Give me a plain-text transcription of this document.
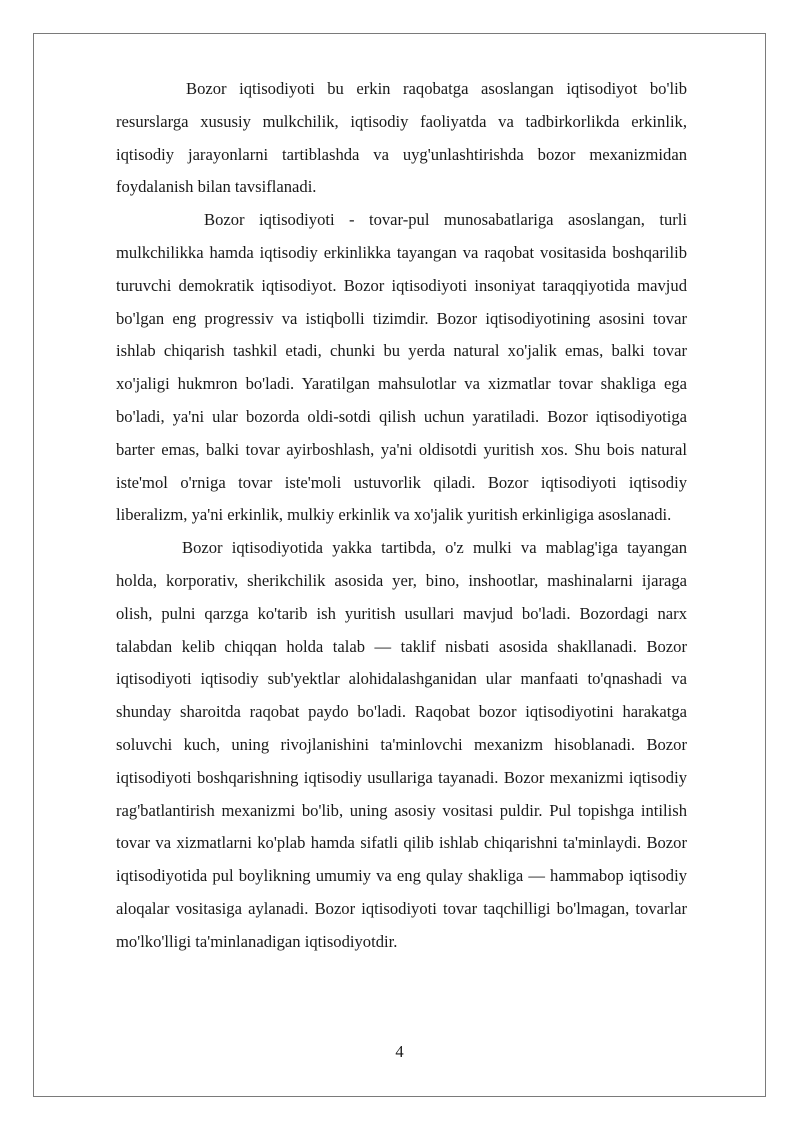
Bozor iqtisodiyoti bu erkin raqobatga asoslangan iqtisodiyot bo'lib resurslarga xususiy mulkchilik, iqtisodiy faoliyatda va tadbirkorlikda erkinlik, iqtisodiy jarayonlarni tartiblashda va uyg'unlashtirishda bozor mexanizmidan foydalanish bilan tavsiflanadi.

Bozor iqtisodiyoti - tovar-pul munosabatlariga asoslangan, turli mulkchilikka hamda iqtisodiy erkinlikka tayangan va raqobat vositasida boshqarilib turuvchi demokratik iqtisodiyot. Bozor iqtisodiyoti insoniyat taraqqiyotida mavjud bo'lgan eng progressiv va istiqbolli tizimdir. Bozor iqtisodiyotining asosini tovar ishlab chiqarish tashkil etadi, chunki bu yerda natural xo'jalik emas, balki tovar xo'jaligi hukmron bo'ladi. Yaratilgan mahsulotlar va xizmatlar tovar shakliga ega bo'ladi, ya'ni ular bozorda oldi-sotdi qilish uchun yaratiladi. Bozor iqtisodiyotiga barter emas, balki tovar ayirboshlash, ya'ni oldisotdi yuritish xos. Shu bois natural iste'mol o'rniga tovar iste'moli ustuvorlik qiladi. Bozor iqtisodiyoti iqtisodiy liberalizm, ya'ni erkinlik, mulkiy erkinlik va xo'jalik yuritish erkinligiga asoslanadi.

Bozor iqtisodiyotida yakka tartibda, o'z mulki va mablag'iga tayangan holda, korporativ, sherikchilik asosida yer, bino, inshootlar, mashinalarni ijaraga olish, pulni qarzga ko'tarib ish yuritish usullari mavjud bo'ladi. Bozordagi narx talabdan kelib chiqqan holda talab — taklif nisbati asosida shakllanadi. Bozor iqtisodiyoti iqtisodiy sub'yektlar alohidalashganidan ular manfaati to'qnashadi va shunday sharoitda raqobat paydo bo'ladi. Raqobat bozor iqtisodiyotini harakatga soluvchi kuch, uning rivojlanishini ta'minlovchi mexanizm hisoblanadi. Bozor iqtisodiyoti boshqarishning iqtisodiy usullariga tayanadi. Bozor mexanizmi iqtisodiy rag'batlantirish mexanizmi bo'lib, uning asosiy vositasi puldir. Pul topishga intilish tovar va xizmatlarni ko'plab hamda sifatli qilib ishlab chiqarishni ta'minlaydi. Bozor iqtisodiyotida pul boylikning umumiy va eng qulay shakliga — hammabop iqtisodiy aloqalar vositasiga aylanadi. Bozor iqtisodiyoti tovar taqchilligi bo'lmagan, tovarlar mo'lko'lligi ta'minlanadigan iqtisodiyotdir.

4
